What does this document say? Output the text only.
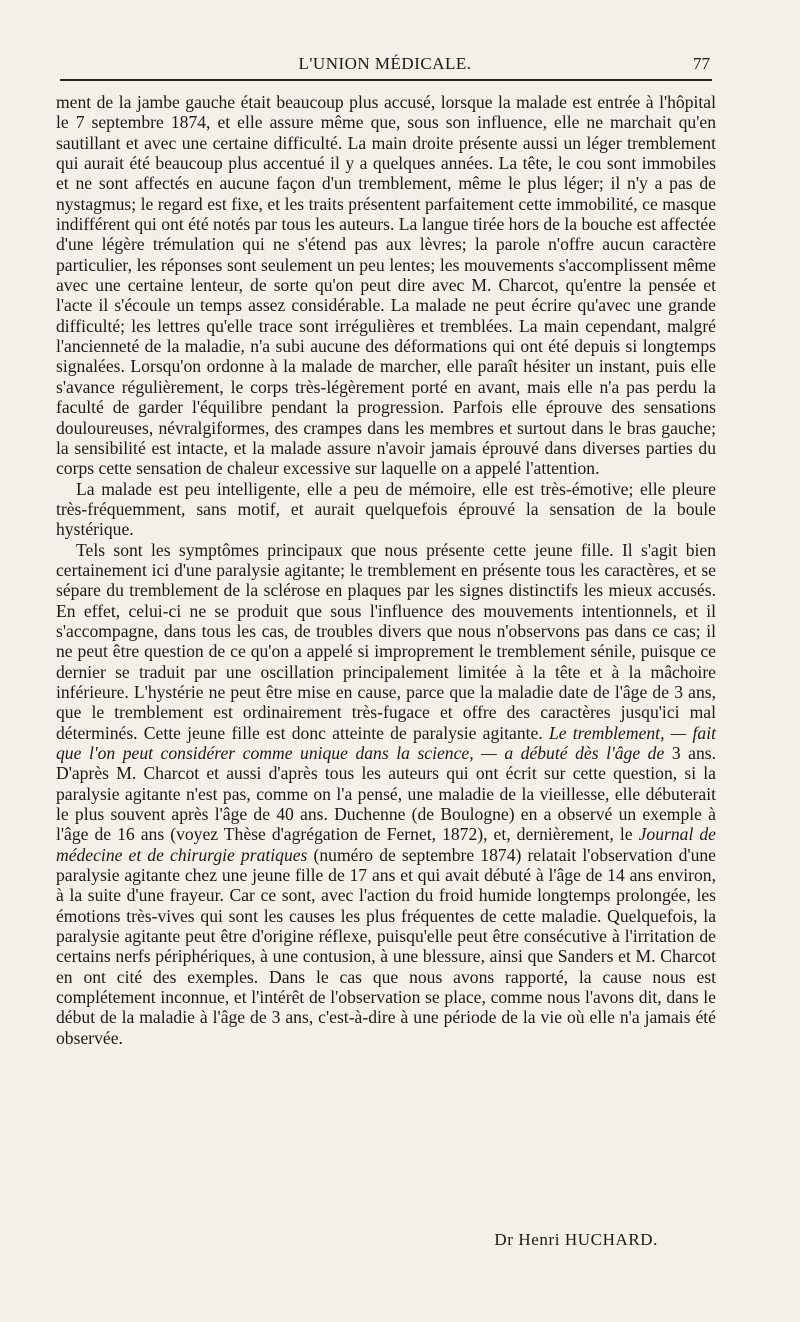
L'UNION MÉDICALE.	77

ment de la jambe gauche était beaucoup plus accusé, lorsque la malade est entrée à l'hôpital le 7 septembre 1874, et elle assure même que, sous son influence, elle ne marchait qu'en sautillant et avec une certaine difficulté. La main droite présente aussi un léger tremblement qui aurait été beaucoup plus accentué il y a quelques années. La tête, le cou sont immobiles et ne sont affectés en aucune façon d'un tremblement, même le plus léger; il n'y a pas de nystagmus; le regard est fixe, et les traits présentent parfaitement cette immobilité, ce masque indifférent qui ont été notés par tous les auteurs. La langue tirée hors de la bouche est affectée d'une légère trémulation qui ne s'étend pas aux lèvres; la parole n'offre aucun caractère particulier, les réponses sont seulement un peu lentes; les mouvements s'accomplissent même avec une certaine lenteur, de sorte qu'on peut dire avec M. Charcot, qu'entre la pensée et l'acte il s'écoule un temps assez considérable. La malade ne peut écrire qu'avec une grande difficulté; les lettres qu'elle trace sont irrégulières et tremblées. La main cependant, malgré l'ancienneté de la maladie, n'a subi aucune des déformations qui ont été depuis si longtemps signalées. Lorsqu'on ordonne à la malade de marcher, elle paraît hésiter un instant, puis elle s'avance régulièrement, le corps très-légèrement porté en avant, mais elle n'a pas perdu la faculté de garder l'équilibre pendant la progression. Parfois elle éprouve des sensations douloureuses, névralgiformes, des crampes dans les membres et surtout dans le bras gauche; la sensibilité est intacte, et la malade assure n'avoir jamais éprouvé dans diverses parties du corps cette sensation de chaleur excessive sur laquelle on a appelé l'attention.

La malade est peu intelligente, elle a peu de mémoire, elle est très-émotive; elle pleure très-fréquemment, sans motif, et aurait quelquefois éprouvé la sensation de la boule hystérique.

Tels sont les symptômes principaux que nous présente cette jeune fille. Il s'agit bien certainement ici d'une paralysie agitante; le tremblement en présente tous les caractères, et se sépare du tremblement de la sclérose en plaques par les signes distinctifs les mieux accusés. En effet, celui-ci ne se produit que sous l'influence des mouvements intentionnels, et il s'accompagne, dans tous les cas, de troubles divers que nous n'observons pas dans ce cas; il ne peut être question de ce qu'on a appelé si improprement le tremblement sénile, puisque ce dernier se traduit par une oscillation principalement limitée à la tête et à la mâchoire inférieure. L'hystérie ne peut être mise en cause, parce que la maladie date de l'âge de 3 ans, que le tremblement est ordinairement très-fugace et offre des caractères jusqu'ici mal déterminés. Cette jeune fille est donc atteinte de paralysie agitante. Le tremblement, — fait que l'on peut considérer comme unique dans la science, — a débuté dès l'âge de 3 ans. D'après M. Charcot et aussi d'après tous les auteurs qui ont écrit sur cette question, si la paralysie agitante n'est pas, comme on l'a pensé, une maladie de la vieillesse, elle débuterait le plus souvent après l'âge de 40 ans. Duchenne (de Boulogne) en a observé un exemple à l'âge de 16 ans (voyez Thèse d'agrégation de Fernet, 1872), et, dernièrement, le Journal de médecine et de chirurgie pratiques (numéro de septembre 1874) relatait l'observation d'une paralysie agitante chez une jeune fille de 17 ans et qui avait débuté à l'âge de 14 ans environ, à la suite d'une frayeur. Car ce sont, avec l'action du froid humide longtemps prolongée, les émotions très-vives qui sont les causes les plus fréquentes de cette maladie. Quelquefois, la paralysie agitante peut être d'origine réflexe, puisqu'elle peut être consécutive à l'irritation de certains nerfs périphériques, à une contusion, à une blessure, ainsi que Sanders et M. Charcot en ont cité des exemples. Dans le cas que nous avons rapporté, la cause nous est complétement inconnue, et l'intérêt de l'observation se place, comme nous l'avons dit, dans le début de la maladie à l'âge de 3 ans, c'est-à-dire à une période de la vie où elle n'a jamais été observée.

Dr Henri HUCHARD.
